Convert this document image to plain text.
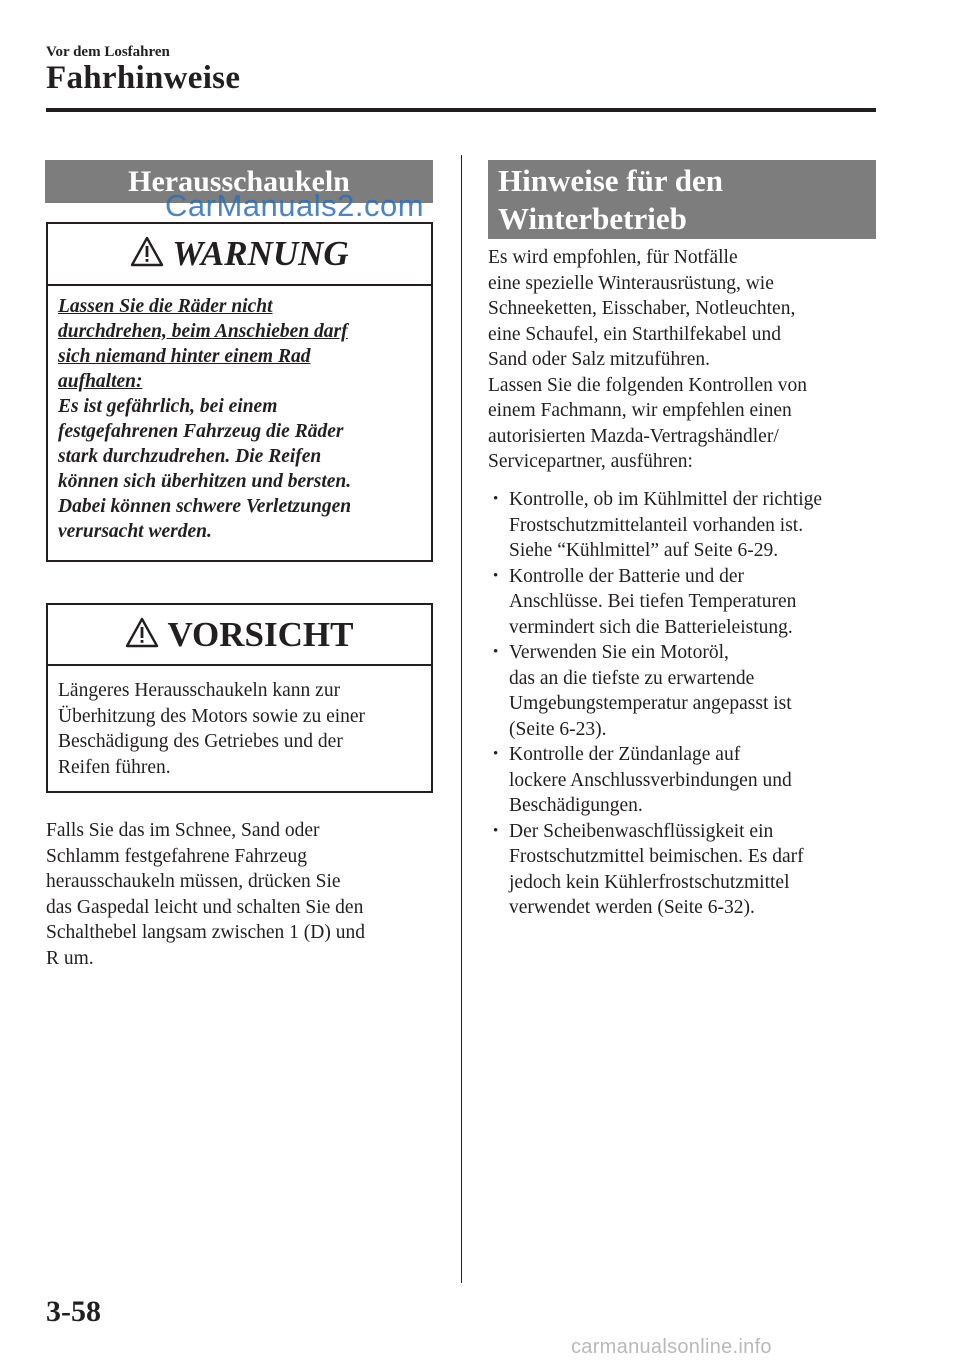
Vor dem Losfahren
Fahrhinweise
Herausschaukeln
CarManuals2.com
WARNUNG
Lassen Sie die Räder nicht
durchdrehen, beim Anschieben darf
sich niemand hinter einem Rad
aufhalten:
Es ist gefährlich, bei einem
festgefahrenen Fahrzeug die Räder
stark durchzudrehen. Die Reifen
können sich überhitzen und bersten.
Dabei können schwere Verletzungen
verursacht werden.
VORSICHT
Längeres Herausschaukeln kann zur
Überhitzung des Motors sowie zu einer
Beschädigung des Getriebes und der
Reifen führen.
Falls Sie das im Schnee, Sand oder
Schlamm festgefahrene Fahrzeug
herausschaukeln müssen, drücken Sie
das Gaspedal leicht und schalten Sie den
Schalthebel langsam zwischen 1 (D) und
R um.
Hinweise für den
Winterbetrieb
Es wird empfohlen, für Notfälle
eine spezielle Winterausrüstung, wie
Schneeketten, Eisschaber, Notleuchten,
eine Schaufel, ein Starthilfekabel und
Sand oder Salz mitzuführen.
Lassen Sie die folgenden Kontrollen von
einem Fachmann, wir empfehlen einen
autorisierten Mazda-Vertragshändler/
Servicepartner, ausführen:
• Kontrolle, ob im Kühlmittel der richtige
Frostschutzmittelanteil vorhanden ist.
Siehe “Kühlmittel” auf Seite 6-29.
• Kontrolle der Batterie und der
Anschlüsse. Bei tiefen Temperaturen
vermindert sich die Batterieleistung.
• Verwenden Sie ein Motoröl,
das an die tiefste zu erwartende
Umgebungstemperatur angepasst ist
(Seite 6-23).
• Kontrolle der Zündanlage auf
lockere Anschlussverbindungen und
Beschädigungen.
• Der Scheibenwaschflüssigkeit ein
Frostschutzmittel beimischen. Es darf
jedoch kein Kühlerfrostschutzmittel
verwendet werden (Seite 6-32).
3-58
carmanualsonline.info
